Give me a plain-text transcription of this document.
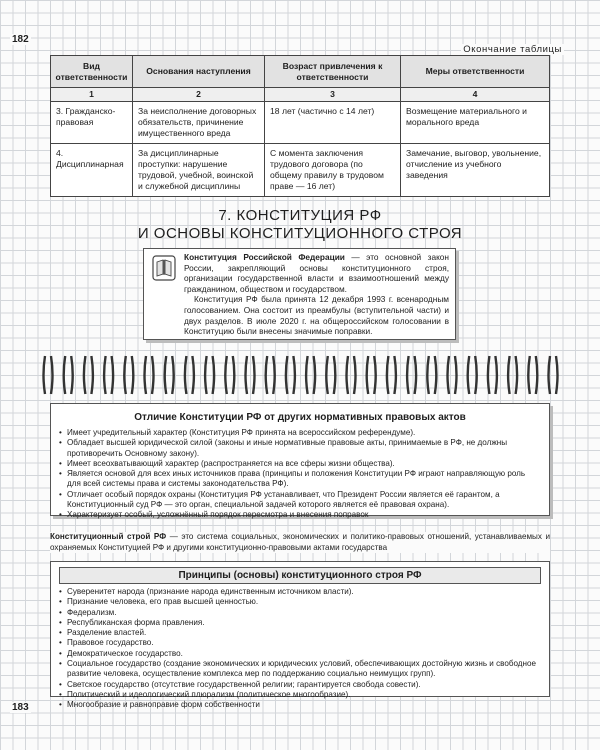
182
Окончание таблицы
Вид ответственности	Основания наступления	Возраст привлечения к ответственности	Меры ответственности
1	2	3	4
3. Гражданско-правовая	За неисполнение договорных обязательств, причинение имущественного вреда	18 лет (частично с 14 лет)	Возмещение материального и морального вреда
4. Дисциплинарная	За дисциплинарные проступки: нарушение трудовой, учебной, воинской и служебной дисциплины	С момента заключения трудового договора (по общему правилу в трудовом праве — 16 лет)	Замечание, выговор, увольнение, отчисление из учебного заведения
7. КОНСТИТУЦИЯ РФ
И ОСНОВЫ КОНСТИТУЦИОННОГО СТРОЯ

Конституция Российской Федерации — это основной закон России, закрепляющий основы конституционного строя, организации государственной власти и взаимоотношений между гражданином, обществом и государством.

Конституция РФ была принята 12 декабря 1993 г. всенародным голосованием. Она состоит из преамбулы (вступительной части) и двух разделов. В июле 2020 г. на общероссийском голосовании в Конституцию были внесены значимые поправки.

Отличие Конституции РФ от других нормативных правовых актов
• Имеет учредительный характер (Конституция РФ принята на всероссийском референдуме).
• Обладает высшей юридической силой (законы и иные нормативные правовые акты, принимаемые в РФ, не должны противоречить Основному закону).
• Имеет всеохватывающий характер (распространяется на все сферы жизни общества).
• Является основой для всех иных источников права (принципы и положения Конституции РФ играют направляющую роль для всей системы права и системы законодательства РФ).
• Отличает особый порядок охраны (Конституция РФ устанавливает, что Президент России является её гарантом, а Конституционный суд РФ — это орган, специальной задачей которого является её правовая охрана).
• Характеризует особый, усложнённый порядок пересмотра и внесения поправок
Конституционный строй РФ — это система социальных, экономических и политико-правовых отношений, устанавливаемых и охраняемых Конституцией РФ и другими конституционно-правовыми актами государства
Принципы (основы) конституционного строя РФ
• Суверенитет народа (признание народа единственным источником власти).
• Признание человека, его прав высшей ценностью.
• Федерализм.
• Республиканская форма правления.
• Разделение властей.
• Правовое государство.
• Демократическое государство.
• Социальное государство (создание экономических и юридических условий, обеспечивающих достойную жизнь и свободное развитие человека, осуществление комплекса мер по поддержанию социально неимущих групп).
• Светское государство (отсутствие государственной религии; гарантируется свобода совести).
• Политический и идеологический плюрализм (политическое многообразие).
• Многообразие и равноправие форм собственности
183
